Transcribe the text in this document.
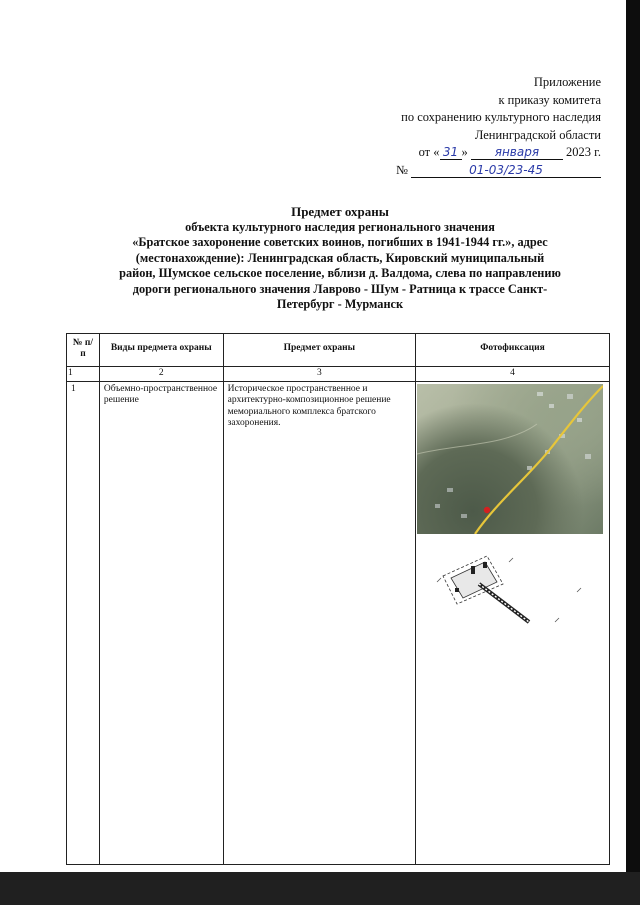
Приложение
к приказу комитета
по сохранению культурного наследия
Ленинградской области
от « 31 » января 2023 г.
№	01-03/23-45
Предмет охраны
объекта культурного наследия регионального значения
«Братское захоронение советских воинов, погибших в 1941-1944 гг.», адрес
(местонахождение): Ленинградская область, Кировский муниципальный
район, Шумское сельское поселение, вблизи д. Валдома, слева по направлению
дороги регионального значения Лаврово - Шум - Ратница к трассе Санкт-
Петербург - Мурманск
№ п/п	Виды предмета охраны	Предмет охраны	Фотофиксация
1	2	3	4
1	Объемно-пространственное решение	Историческое пространственное и архитектурно-композиционное решение мемориального комплекса братского захоронения.	
